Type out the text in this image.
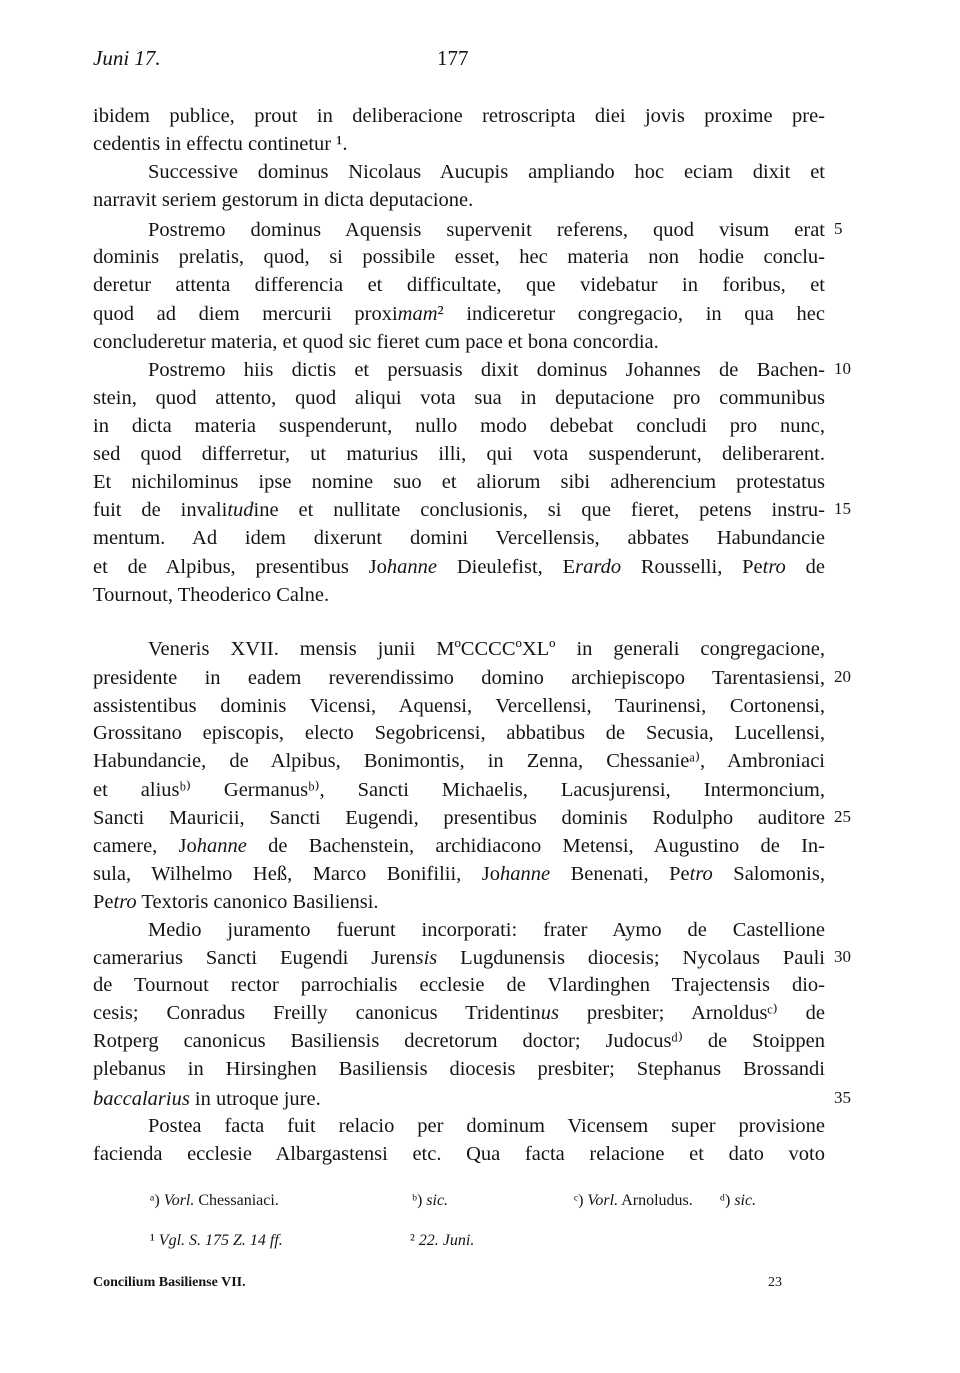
Juni 17.	177
ibidem publice, prout in deliberacione retroscripta diei jovis proxime pre-
cedentis in effectu continetur ¹.
Successive dominus Nicolaus Aucupis ampliando hoc eciam dixit et
narravit seriem gestorum in dicta deputacione.
Postremo dominus Aquensis supervenit referens, quod visum erat
dominis prelatis, quod, si possibile esset, hec materia non hodie conclu-
deretur attenta differencia et difficultate, que videbatur in foribus, et
quod ad diem mercurii proximam² indiceretur congregacio, in qua hec
concluderetur materia, et quod sic fieret cum pace et bona concordia.
Postremo hiis dictis et persuasis dixit dominus Johannes de Bachen-
stein, quod attento, quod aliqui vota sua in deputacione pro communibus
in dicta materia suspenderunt, nullo modo debebat concludi pro nunc,
sed quod differretur, ut maturius illi, qui vota suspenderunt, deliberarent.
Et nichilominus ipse nomine suo et aliorum sibi adherencium protestatus
fuit de invalitudine et nullitate conclusionis, si que fieret, petens instru-
mentum. Ad idem dixerunt domini Vercellensis, abbates Habundancie
et de Alpibus, presentibus Johanne Dieulefist, Erardo Rousselli, Petro de
Tournout, Theoderico Calne.
Veneris XVII. mensis junii MºCCCCºXLº in generali congregacione,
presidente in eadem reverendissimo domino archiepiscopo Tarentasiensi,
assistentibus dominis Vicensi, Aquensi, Vercellensi, Taurinensi, Cortonensi,
Grossitano episcopis, electo Segobricensi, abbatibus de Secusia, Lucellensi,
Habundancie, de Alpibus, Bonimontis, in Zenna, Chessanieᵃ⁾, Ambroniaci
et aliusᵇ⁾ Germanusᵇ⁾, Sancti Michaelis, Lacusjurensi, Intermoncium,
Sancti Mauricii, Sancti Eugendi, presentibus dominis Rodulpho auditore
camere, Johanne de Bachenstein, archidiacono Metensi, Augustino de In-
sula, Wilhelmo Heß, Marco Bonifilii, Johanne Benenati, Petro Salomonis,
Petro Textoris canonico Basiliensi.
Medio juramento fuerunt incorporati: frater Aymo de Castellione
camerarius Sancti Eugendi Jurensis Lugdunensis diocesis; Nycolaus Pauli
de Tournout rector parrochialis ecclesie de Vlardinghen Trajectensis dio-
cesis; Conradus Freilly canonicus Tridentinus presbiter; Arnoldusᶜ⁾ de
Rotperg canonicus Basiliensis decretorum doctor; Judocusᵈ⁾ de Stoippen
plebanus in Hirsinghen Basiliensis diocesis presbiter; Stephanus Brossandi
baccalarius in utroque jure.
Postea facta fuit relacio per dominum Vicensem super provisione
facienda ecclesie Albargastensi etc. Qua facta relacione et dato voto
5
10
15
20
25
30
35
ᵃ) Vorl. Chessaniaci.	ᵇ) sic.	ᶜ) Vorl. Arnoludus. ᵈ) sic.
¹ Vgl. S. 175 Z. 14 ff.	² 22. Juni.
Concilium Basiliense VII.	23
